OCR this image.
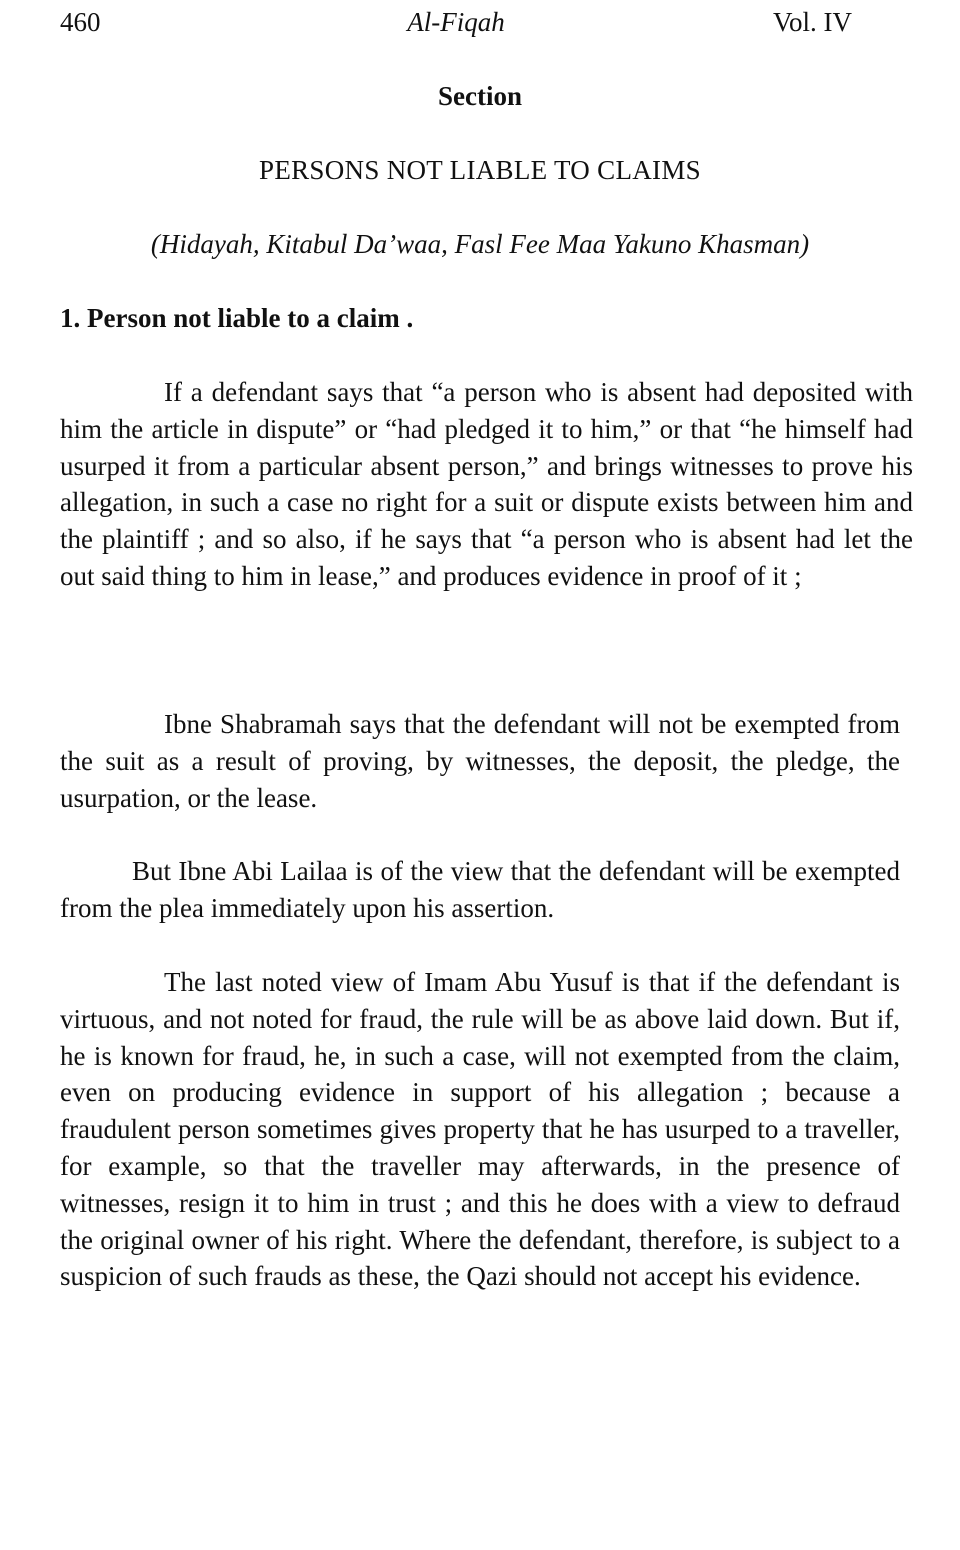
460	Al-Fiqah	Vol. IV
Section
PERSONS NOT LIABLE TO CLAIMS
(Hidayah, Kitabul Da’waa, Fasl Fee Maa Yakuno Khasman)
1. Person not liable to a claim .

If a defendant says that “a person who is absent had deposited with him the article in dispute” or “had pledged it to him,” or that “he himself had usurped it from a particular absent person,” and brings witnesses to prove his allegation, in such a case no right for a suit or dispute exists between him and the plaintiff ; and so also, if he says that “a person who is absent had let the out said thing to him in lease,” and produces evidence in proof of it ;

Ibne Shabramah says that the defendant will not be exempted from the suit as a result of proving, by witnesses, the deposit, the pledge, the usurpation, or the lease.

But Ibne Abi Lailaa is of the view that the defendant will be exempted from the plea immediately upon his assertion.

The last noted view of Imam Abu Yusuf is that if the defendant is virtuous, and not noted for fraud, the rule will be as above laid down. But if, he is known for fraud, he, in such a case, will not exempted from the claim, even on producing evidence in support of his allegation ; because a fraudulent person sometimes gives property that he has usurped to a traveller, for example, so that the traveller may afterwards, in the presence of witnesses, resign it to him in trust ; and this he does with a view to defraud the original owner of his right. Where the defendant, therefore, is subject to a suspicion of such frauds as these, the Qazi should not accept his evidence.
